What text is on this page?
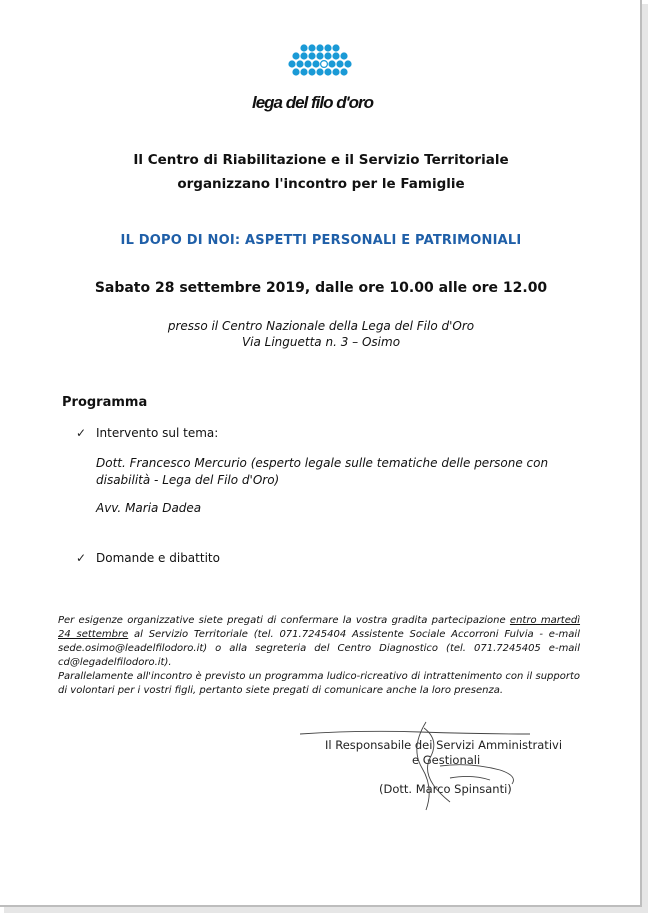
lega del filo d'oro
Il Centro di Riabilitazione e il Servizio Territoriale
organizzano l'incontro per le Famiglie
IL DOPO DI NOI: ASPETTI PERSONALI E PATRIMONIALI
Sabato 28 settembre 2019, dalle ore 10.00 alle ore 12.00
presso il Centro Nazionale della Lega del Filo d'Oro
Via Linguetta n. 3 – Osimo
Programma
✓ Intervento sul tema:
Dott. Francesco Mercurio (esperto legale sulle tematiche delle persone con
disabilità - Lega del Filo d'Oro)
Avv. Maria Dadea
✓ Domande e dibattito

Per esigenze organizzative siete pregati di confermare la vostra gradita partecipazione entro martedì 24 settembre al Servizio Territoriale (tel. 071.7245404 Assistente Sociale Accorroni Fulvia - e-mail sede.osimo@leadelfilodoro.it) o alla segreteria del Centro Diagnostico (tel. 071.7245405 e-mail cd@legadelfilodoro.it).

Parallelamente all'incontro è previsto un programma ludico-ricreativo di intrattenimento con il supporto di volontari per i vostri figli, pertanto siete pregati di comunicare anche la loro presenza.

Il Responsabile dei Servizi Amministrativi
e Gestionali
(Dott. Marco Spinsanti)
